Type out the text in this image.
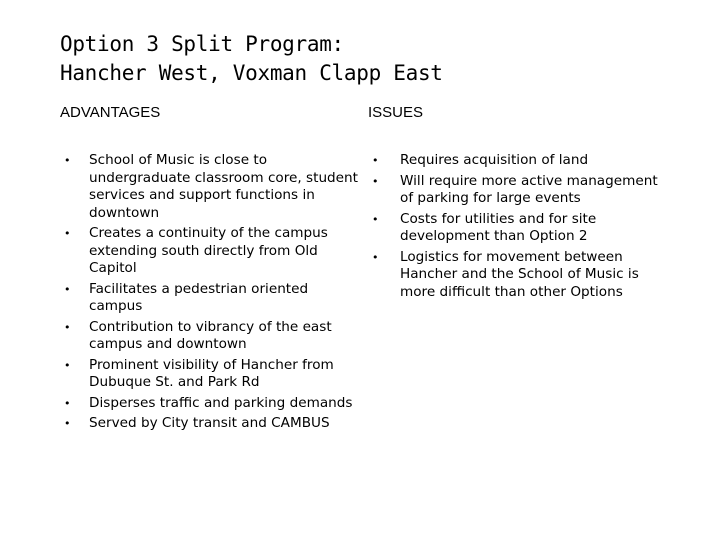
Option 3 Split Program:
Hancher West, Voxman Clapp East
ADVANTAGES
• School of Music is close to undergraduate classroom core, student services and support functions in downtown
• Creates a continuity of the campus extending south directly from Old Capitol
• Facilitates a pedestrian oriented campus
• Contribution to vibrancy of the east campus and downtown
• Prominent visibility of Hancher from Dubuque St. and Park Rd
• Disperses traffic and parking demands
• Served by City transit and CAMBUS
ISSUES
• Requires acquisition of land
• Will require more active management of parking for large events
• Costs for utilities and for site development than Option 2
• Logistics for movement between Hancher and the School of Music is more difficult than other Options
